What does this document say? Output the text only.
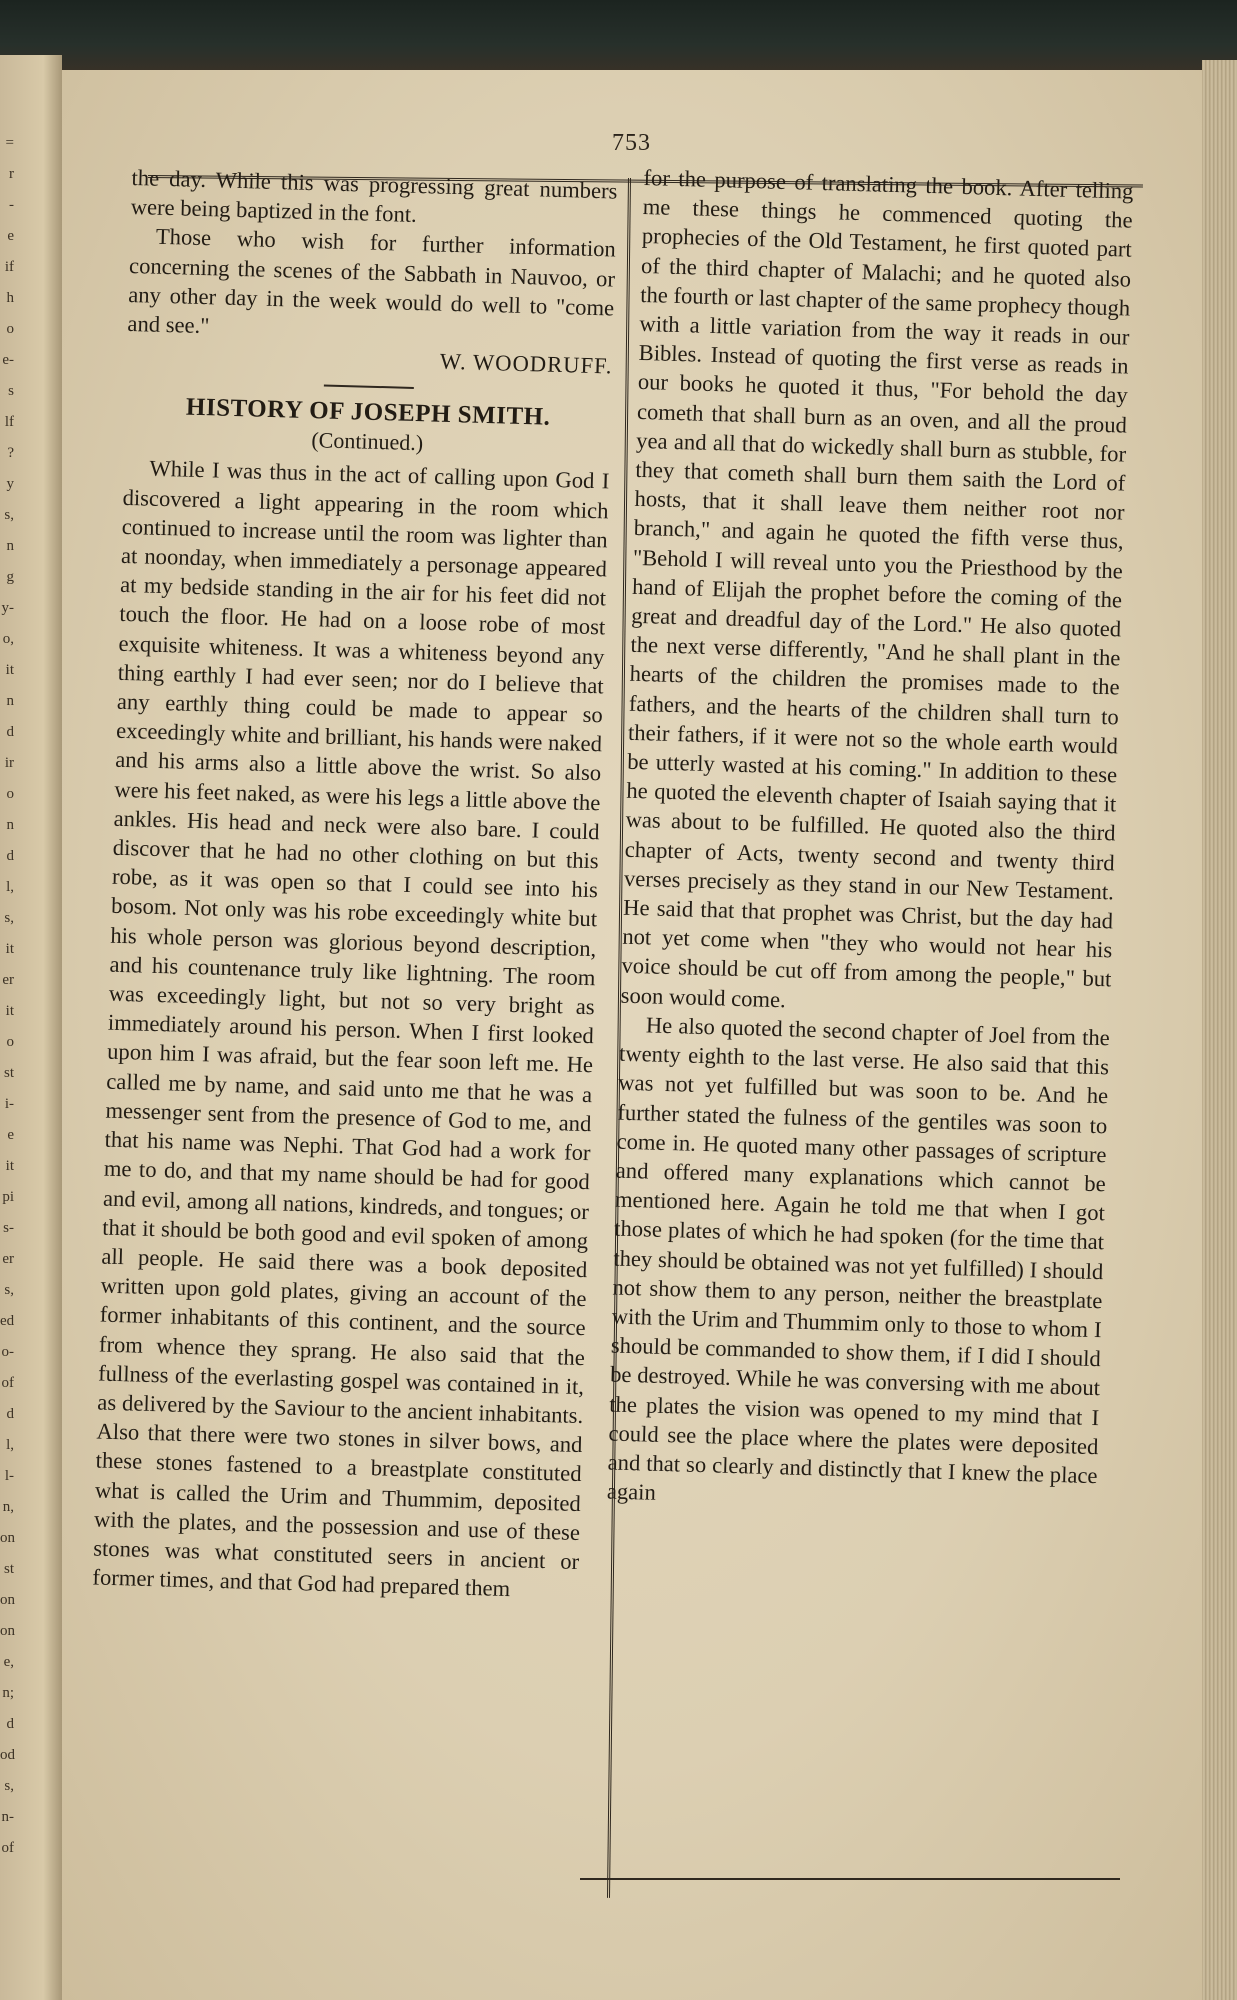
=
r
-
e
if
h
o
e-
s
lf
?
y
s,
n
g
y-
o,
it
n
d
ir
o
n
d
l,
s,
it
er
it
o
st
i-
e
it
pi
s-
er
s,
ed
o-
of
d
l,
l-
n,
on
st
on
on
e,
n;
d
od
s,
n-
of
753

the day. While this was progressing great numbers were being baptized in the font.

Those who wish for further information concerning the scenes of the Sabbath in Nauvoo, or any other day in the week would do well to "come and see."

W. WOODRUFF.

HISTORY OF JOSEPH SMITH.
(Continued.)

While I was thus in the act of calling upon God I discovered a light appearing in the room which continued to increase until the room was lighter than at noonday, when immediately a personage appeared at my bedside standing in the air for his feet did not touch the floor. He had on a loose robe of most exquisite whiteness. It was a whiteness beyond any thing earthly I had ever seen; nor do I believe that any earthly thing could be made to appear so exceedingly white and brilliant, his hands were naked and his arms also a little above the wrist. So also were his feet naked, as were his legs a little above the ankles. His head and neck were also bare. I could discover that he had no other clothing on but this robe, as it was open so that I could see into his bosom. Not only was his robe exceedingly white but his whole person was glorious beyond description, and his countenance truly like lightning. The room was exceedingly light, but not so very bright as immediately around his person. When I first looked upon him I was afraid, but the fear soon left me. He called me by name, and said unto me that he was a messenger sent from the presence of God to me, and that his name was Nephi. That God had a work for me to do, and that my name should be had for good and evil, among all nations, kindreds, and tongues; or that it should be both good and evil spoken of among all people. He said there was a book deposited written upon gold plates, giving an account of the former inhabitants of this continent, and the source from whence they sprang. He also said that the fullness of the everlasting gospel was contained in it, as delivered by the Saviour to the ancient inhabitants. Also that there were two stones in silver bows, and these stones fastened to a breastplate constituted what is called the Urim and Thummim, deposited with the plates, and the possession and use of these stones was what constituted seers in ancient or former times, and that God had prepared them

for the purpose of translating the book. After telling me these things he commenced quoting the prophecies of the Old Testament, he first quoted part of the third chapter of Malachi; and he quoted also the fourth or last chapter of the same prophecy though with a little variation from the way it reads in our Bibles. Instead of quoting the first verse as reads in our books he quoted it thus, "For behold the day cometh that shall burn as an oven, and all the proud yea and all that do wickedly shall burn as stubble, for they that cometh shall burn them saith the Lord of hosts, that it shall leave them neither root nor branch," and again he quoted the fifth verse thus, "Behold I will reveal unto you the Priesthood by the hand of Elijah the prophet before the coming of the great and dreadful day of the Lord." He also quoted the next verse differently, "And he shall plant in the hearts of the children the promises made to the fathers, and the hearts of the children shall turn to their fathers, if it were not so the whole earth would be utterly wasted at his coming." In addition to these he quoted the eleventh chapter of Isaiah saying that it was about to be fulfilled. He quoted also the third chapter of Acts, twenty second and twenty third verses precisely as they stand in our New Testament. He said that that prophet was Christ, but the day had not yet come when "they who would not hear his voice should be cut off from among the people," but soon would come.

He also quoted the second chapter of Joel from the twenty eighth to the last verse. He also said that this was not yet fulfilled but was soon to be. And he further stated the fulness of the gentiles was soon to come in. He quoted many other passages of scripture and offered many explanations which cannot be mentioned here. Again he told me that when I got those plates of which he had spoken (for the time that they should be obtained was not yet fulfilled) I should not show them to any person, neither the breastplate with the Urim and Thummim only to those to whom I should be commanded to show them, if I did I should be destroyed. While he was conversing with me about the plates the vision was opened to my mind that I could see the place where the plates were deposited and that so clearly and distinctly that I knew the place again
